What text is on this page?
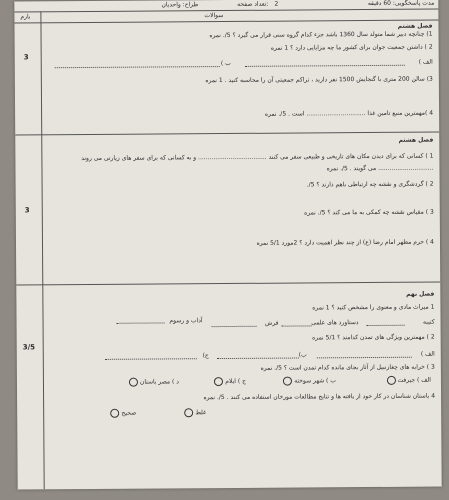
مدت پاسخگویی: 60 دقیقه
تعداد صفحه: 2
طراح: واحدیان
بارم	سوالات
3
فصل هشتم
1) چنانچه دبیر شما متولد سال 1360 باشد جزء کدام گروه سنی قرار می گیرد ؟ 5/. نمره
2 ) داشتن جمعیت جوان برای کشور ما چه مزایایی دارد ؟ 1 نمره
الف )
ب )
3) سالن 200 متری با گنجایش 1500 نفر دارید ، تراکم جمعیتی آن را محاسبه کنید . 1 نمره
4 )مهمترین منبع تامین غذا ............................... است . 5/. نمره
3
فصل هشتم
1 ) کسانی که برای دیدن مکان های تاریخی و طبیعی سفر می کنند .................................... و به کسانی که برای سفر های زیارتی می روند
............................. می گویند . 5/. نمره
2 ) گردشگری و نقشه چه ارتباطی باهم دارند ؟ 5/.
3 ) مقیاس نقشه چه کمکی به ما می کند ؟ 5/. نمره
4 ) حرم مطهر امام رضا (ع) از چند نظر اهمیت دارد ؟ 2مورد 5/1 نمره
3/5
فصل نهم
1 میراث مادی و معنوی را مشخص کنید ؟ 1 نمره
کتیبه
دستاورد های علمی
فرش
آداب و رسوم
2 ) مهمترین ویژگی های تمدن کدامند ؟ 5/1 نمره
الف )
ب)
ج)
3 ) خرابه های چغازنبیل از آثار بجای مانده کدام تمدن است ؟ 5/. نمره
الف ) جیرفت
ب ) شهر سوخته
ج ) ایلام
د ) مصر باستان
4 باستان شناسان در کار خود از یافته ها و نتایج مطالعات مورخان استفاده می کنند . 5/. نمره
صحیح	غلط
